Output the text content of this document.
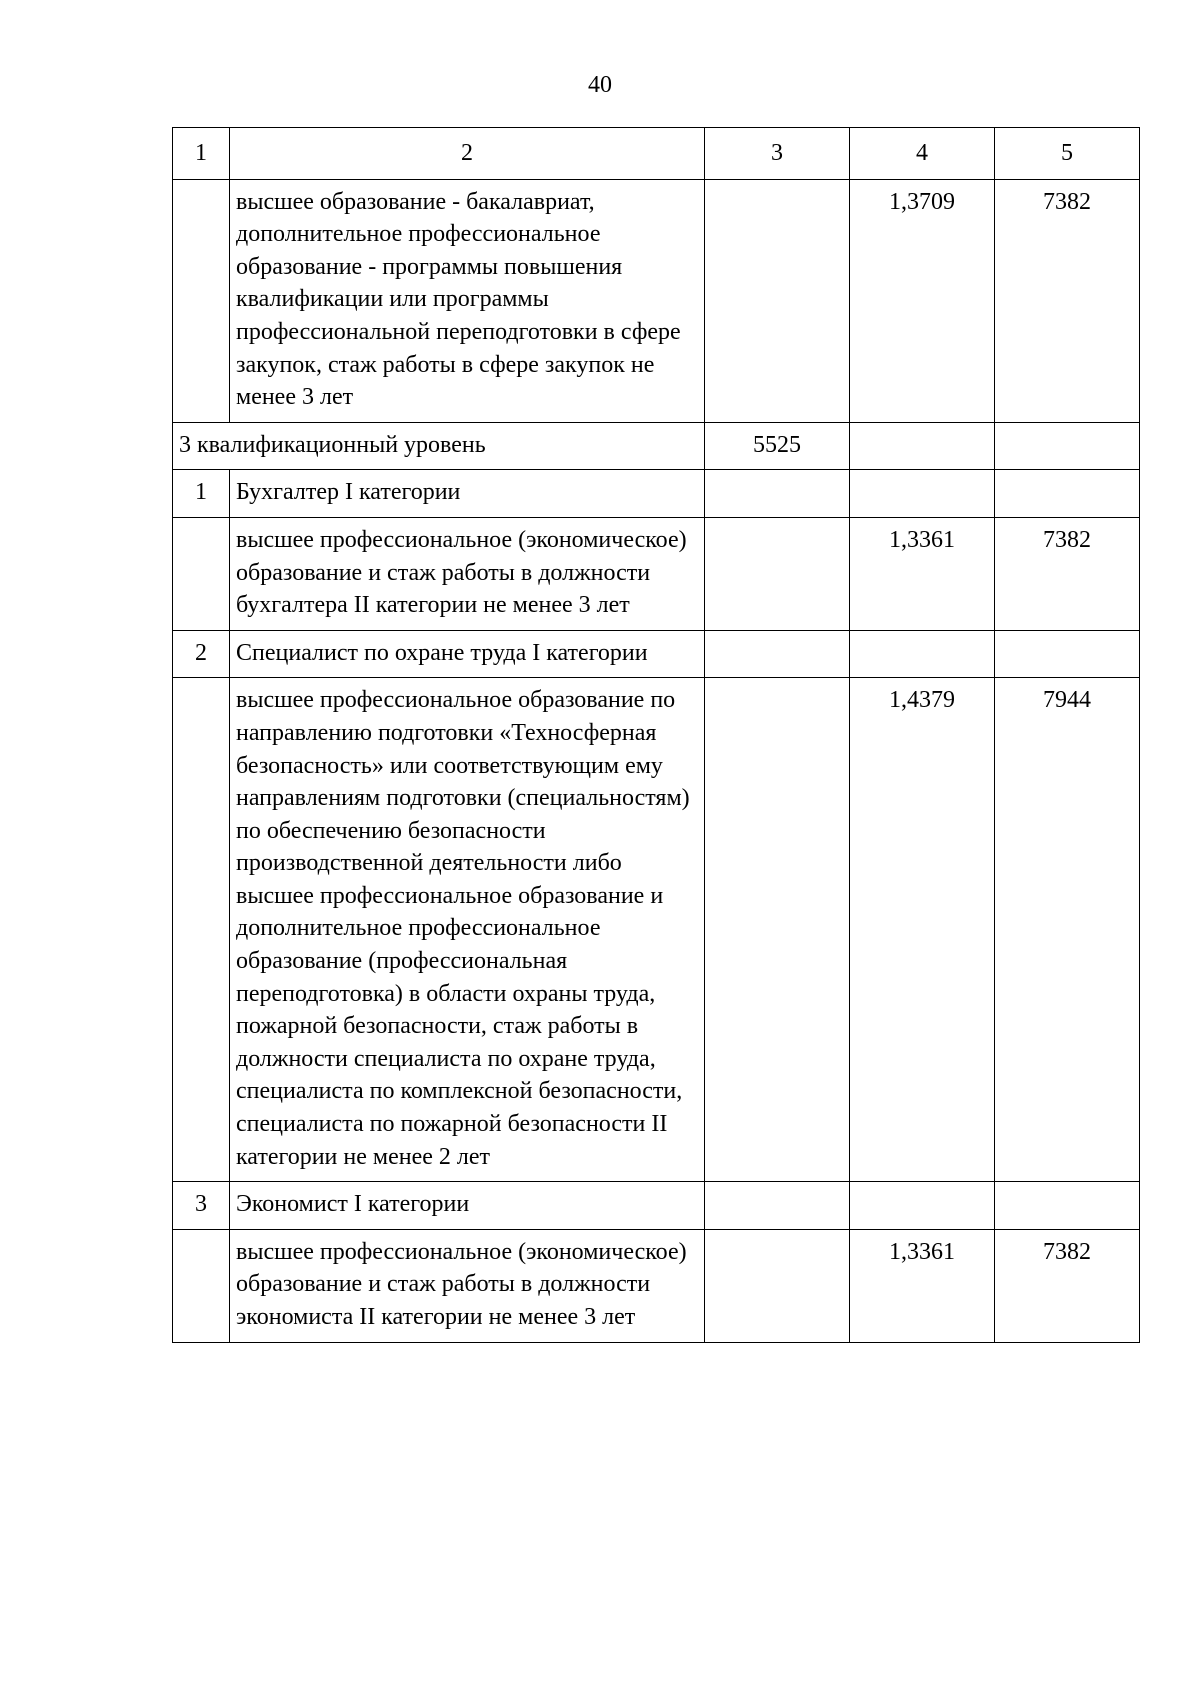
40
1	2	3	4	5
	высшее образование - бакалавриат, дополнительное профессиональное образование - программы повышения квалификации или программы профессиональной переподготовки в сфере закупок, стаж работы в сфере закупок не менее 3 лет		1,3709	7382
3 квалификационный уровень		5525		
1	Бухгалтер I категории			
	высшее профессиональное (экономическое) образование и стаж работы в должности бухгалтера II категории не менее 3 лет		1,3361	7382
2	Специалист по охране труда I категории			
	высшее профессиональное образование по направлению подготовки «Техносферная безопасность» или соответствующим ему направлениям подготовки (специальностям) по обеспечению безопасности производственной деятельности либо высшее профессиональное образование и дополнительное профессиональное образование (профессиональная переподготовка) в области охраны труда, пожарной безопасности, стаж работы в должности специалиста по охране труда, специалиста по комплексной безопасности, специалиста по пожарной безопасности II категории не менее 2 лет		1,4379	7944
3	Экономист I категории			
	высшее профессиональное (экономическое) образование и стаж работы в должности экономиста II категории не менее 3 лет		1,3361	7382
